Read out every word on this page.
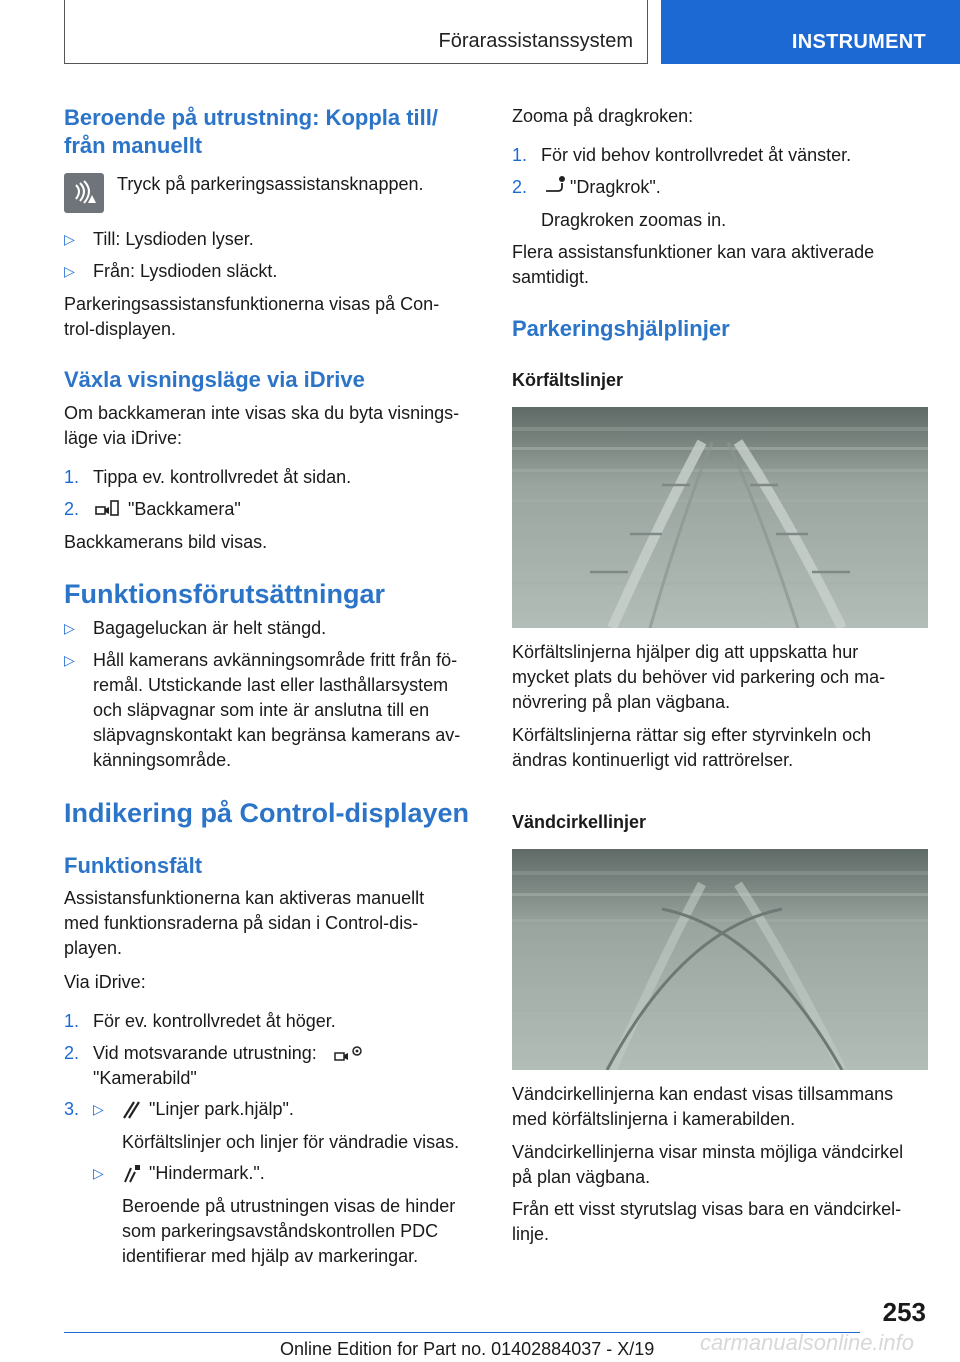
Förarassistanssystem	INSTRUMENT
Beroende på utrustning: Koppla till/
från manuellt

Tryck på parkeringsassistansknappen.

▷ Till: Lysdioden lyser.
▷ Från: Lysdioden släckt.

Parkeringsassistansfunktionerna visas på Con-

trol-displayen.

Växla visningsläge via iDrive

Om backkameran inte visas ska du byta visnings-

läge via iDrive:

1. Tippa ev. kontrollvredet åt sidan.
2.	"Backkamera"

Backkamerans bild visas.

Funktionsförutsättningar
▷ Bagageluckan är helt stängd.
▷ Håll kamerans avkänningsområde fritt från fö-
remål. Utstickande last eller lasthållarsystem
och släpvagnar som inte är anslutna till en
släpvagnskontakt kan begränsa kamerans av-
känningsområde.
Indikering på Control-displayen
Funktionsfält

Assistansfunktionerna kan aktiveras manuellt

med funktionsraderna på sidan i Control-dis-

playen.

Via iDrive:

1. För ev. kontrollvredet åt höger.
2. Vid motsvarande utrustning:
"Kamerabild"
3. ▷	"Linjer park.hjälp".

Körfältslinjer och linjer för vändradie visas.

▷	"Hindermark.".

Beroende på utrustningen visas de hinder

som parkeringsavståndskontrollen PDC

identifierar med hjälp av markeringar.

Zooma på dragkroken:

1. För vid behov kontrollvredet åt vänster.
2. "Dragkrok".

Dragkroken zoomas in.

Flera assistansfunktioner kan vara aktiverade

samtidigt.

Parkeringshjälplinjer
Körfältslinjer

Körfältslinjerna hjälper dig att uppskatta hur

mycket plats du behöver vid parkering och ma-

növrering på plan vägbana.

Körfältslinjerna rättar sig efter styrvinkeln och

ändras kontinuerligt vid rattrörelser.

Vändcirkellinjer

Vändcirkellinjerna kan endast visas tillsammans

med körfältslinjerna i kamerabilden.

Vändcirkellinjerna visar minsta möjliga vändcirkel

på plan vägbana.

Från ett visst styrutslag visas bara en vändcirkel-

linje.

253
Online Edition for Part no. 01402884037 - X/19 carmanualsonline.info
